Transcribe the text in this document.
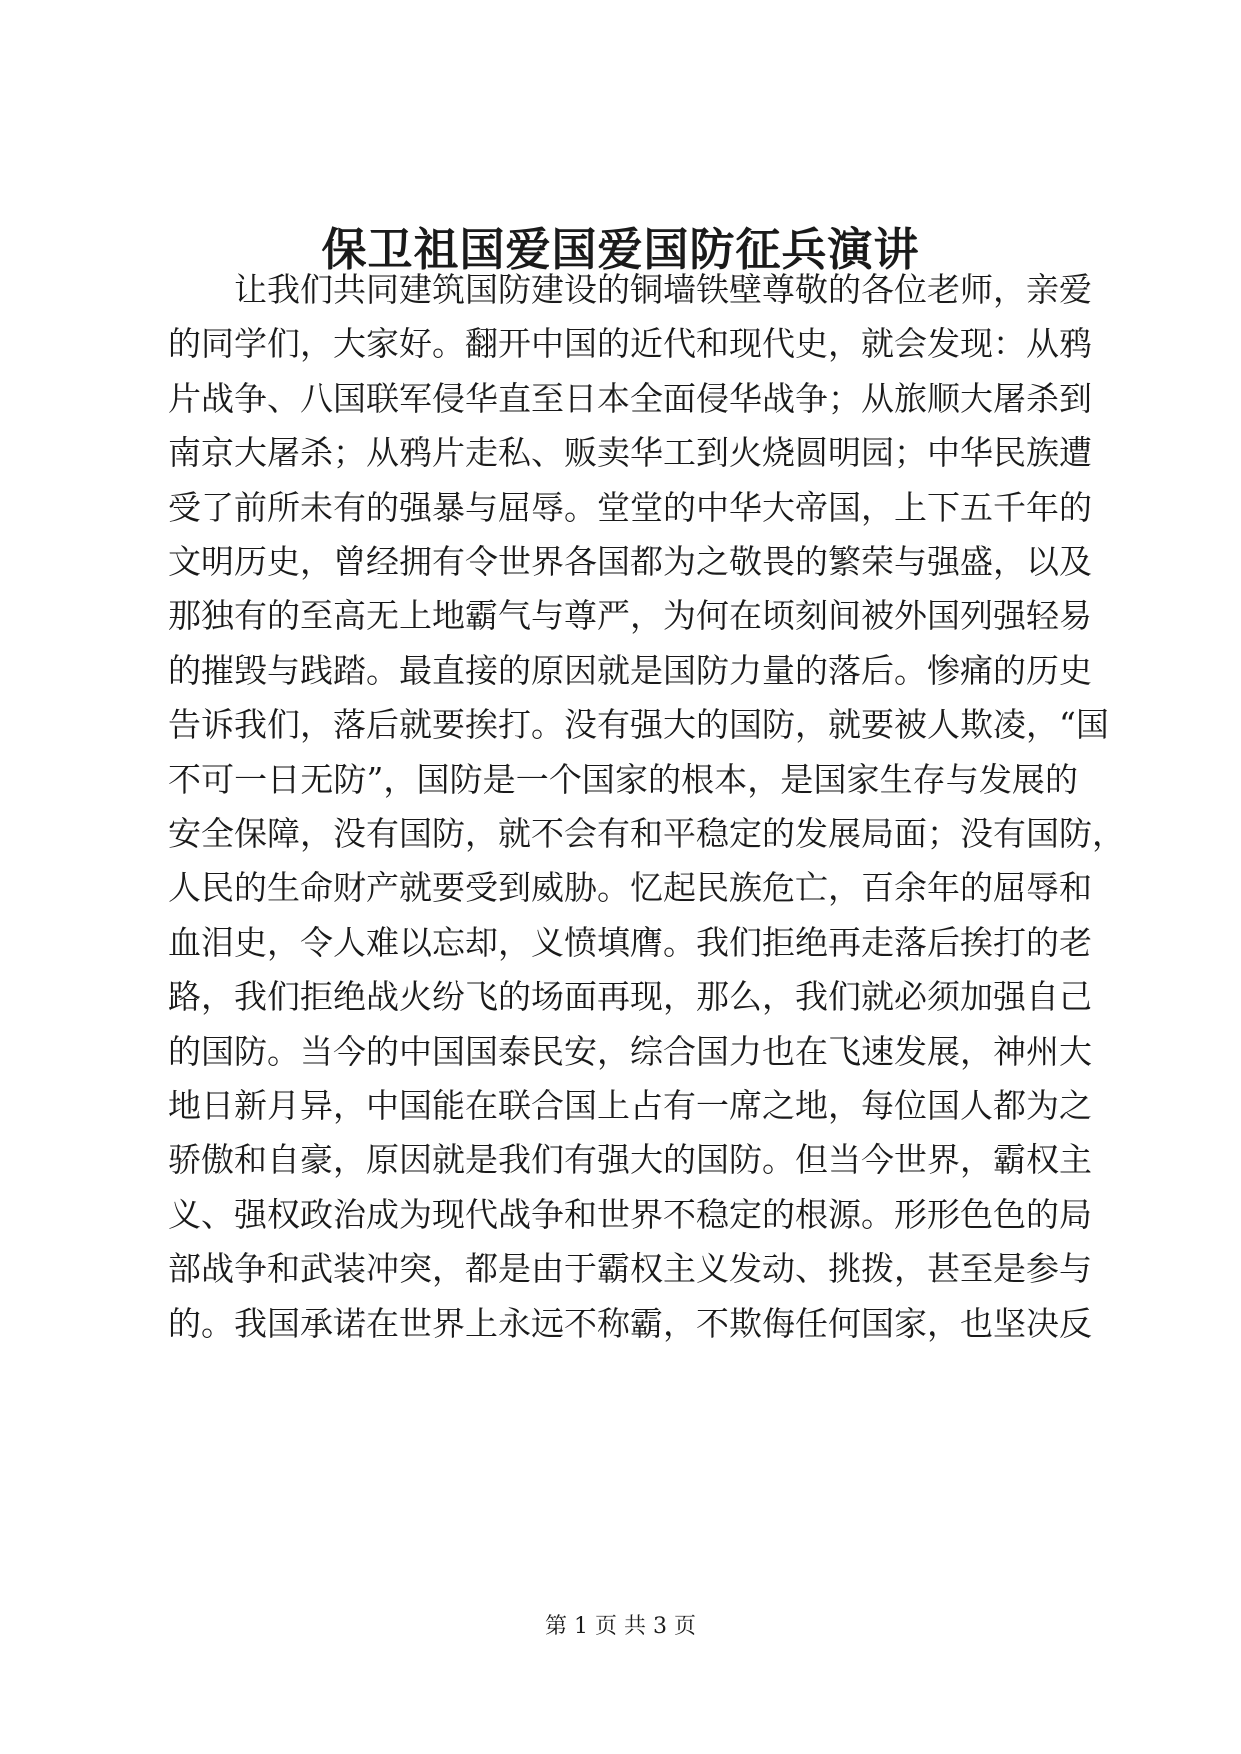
保卫祖国爱国爱国防征兵演讲
让 我 们 共 同 建 筑 国 防 建 设 的 铜 墙 铁 壁 尊 敬 的 各 位 老 师 ， 亲 爱
的 同 学 们 ， 大 家 好 。 翻 开 中 国 的 近 代 和 现 代 史 ， 就 会 发 现 ： 从 鸦
片 战 争 、 八 国 联 军 侵 华 直 至 日 本 全 面 侵 华 战 争 ； 从 旅 顺 大 屠 杀 到
南 京 大 屠 杀 ； 从 鸦 片 走 私 、 贩 卖 华 工 到 火 烧 圆 明 园 ； 中 华 民 族 遭
受 了 前 所 未 有 的 强 暴 与 屈 辱 。 堂 堂 的 中 华 大 帝 国 ， 上 下 五 千 年 的
文 明 历 史 ， 曾 经 拥 有 令 世 界 各 国 都 为 之 敬 畏 的 繁 荣 与 强 盛 ， 以 及
那 独 有 的 至 高 无 上 地 霸 气 与 尊 严 ， 为 何 在 顷 刻 间 被 外 国 列 强 轻 易
的 摧 毁 与 践 踏 。 最 直 接 的 原 因 就 是 国 防 力 量 的 落 后 。 惨 痛 的 历 史
告 诉 我 们 ， 落 后 就 要 挨 打 。 没 有 强 大 的 国 防 ， 就 要 被 人 欺 凌 ， “ 国
不 可 一 日 无 防 ” ， 国 防 是 一 个 国 家 的 根 本 ， 是 国 家 生 存 与 发 展 的
安 全 保 障 ， 没 有 国 防 ， 就 不 会 有 和 平 稳 定 的 发 展 局 面 ； 没 有 国 防 ，
人 民 的 生 命 财 产 就 要 受 到 威 胁 。 忆 起 民 族 危 亡 ， 百 余 年 的 屈 辱 和
血 泪 史 ， 令 人 难 以 忘 却 ， 义 愤 填 膺 。 我 们 拒 绝 再 走 落 后 挨 打 的 老
路 ， 我 们 拒 绝 战 火 纷 飞 的 场 面 再 现 ， 那 么 ， 我 们 就 必 须 加 强 自 己
的 国 防 。 当 今 的 中 国 国 泰 民 安 ， 综 合 国 力 也 在 飞 速 发 展 ， 神 州 大
地 日 新 月 异 ， 中 国 能 在 联 合 国 上 占 有 一 席 之 地 ， 每 位 国 人 都 为 之
骄 傲 和 自 豪 ， 原 因 就 是 我 们 有 强 大 的 国 防 。 但 当 今 世 界 ， 霸 权 主
义 、 强 权 政 治 成 为 现 代 战 争 和 世 界 不 稳 定 的 根 源 。 形 形 色 色 的 局
部 战 争 和 武 装 冲 突 ， 都 是 由 于 霸 权 主 义 发 动 、 挑 拨 ， 甚 至 是 参 与
的 。 我 国 承 诺 在 世 界 上 永 远 不 称 霸 ， 不 欺 侮 任 何 国 家 ， 也 坚 决 反
第 1 页 共 3 页
